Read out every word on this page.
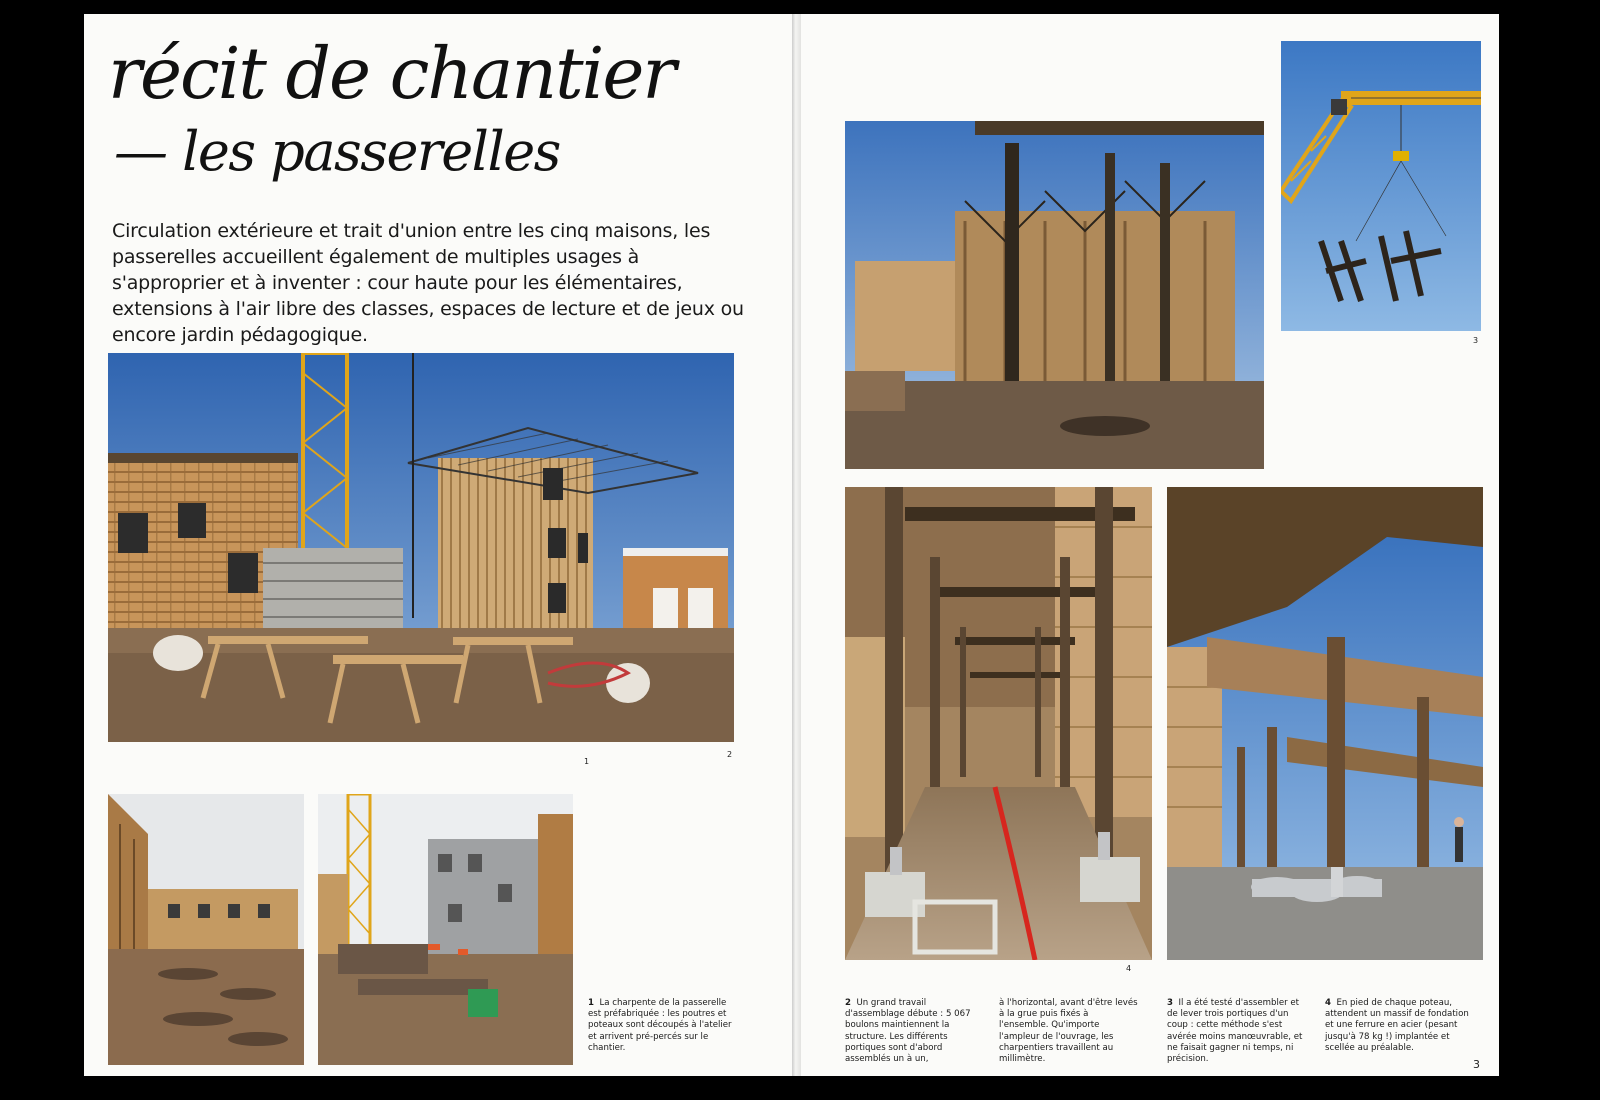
récit de chantier
— les passerelles

Circulation extérieure et trait d'union entre les cinq maisons, les passerelles accueillent également de multiples usages à s'approprier et à inventer : cour haute pour les élémentaires, extensions à l'air libre des classes, espaces de lecture et de jeux ou encore jardin pédagogique.

1
2

1 La charpente de la passerelle est préfabriquée : les poutres et poteaux sont découpés à l'atelier et arrivent pré-percés sur le chantier.

3
4

2 Un grand travail d'assemblage débute : 5 067 boulons maintiennent la structure. Les différents portiques sont d'abord assemblés un à un,

à l'horizontal, avant d'être levés à la grue puis fixés à l'ensemble. Qu'importe l'ampleur de l'ouvrage, les charpentiers travaillent au millimètre.

3 Il a été testé d'assembler et de lever trois portiques d'un coup : cette méthode s'est avérée moins manœuvrable, et ne faisait gagner ni temps, ni précision.

4 En pied de chaque poteau, attendent un massif de fondation et une ferrure en acier (pesant jusqu'à 78 kg !) implantée et scellée au préalable.

3
